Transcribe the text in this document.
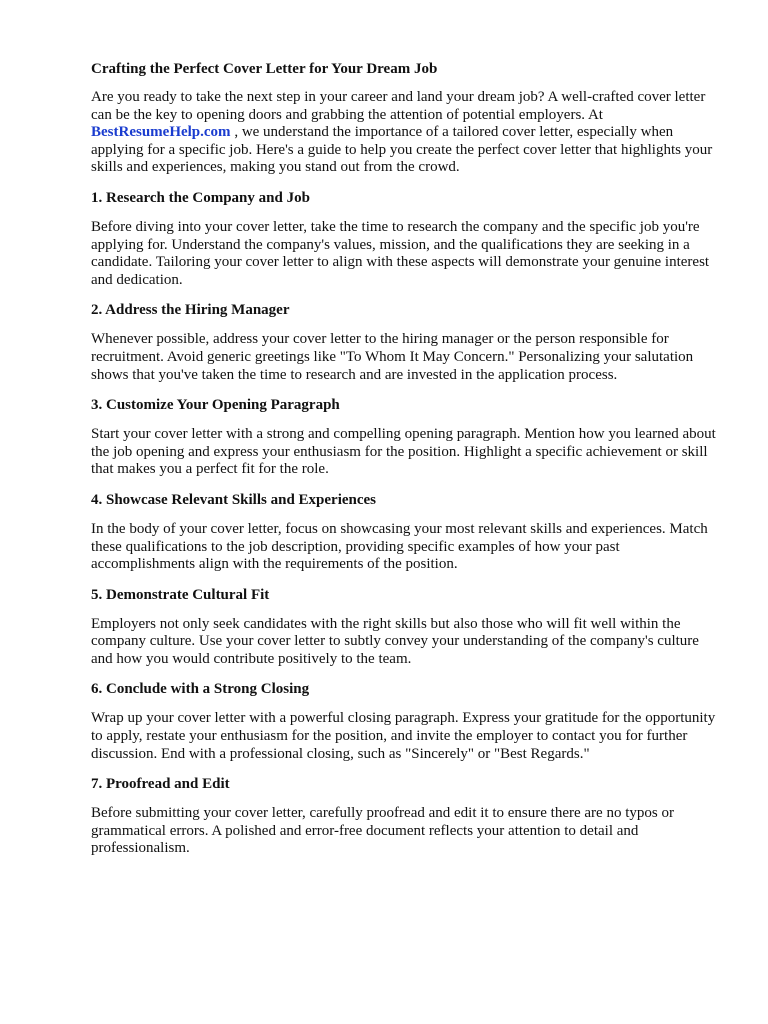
Crafting the Perfect Cover Letter for Your Dream Job

Are you ready to take the next step in your career and land your dream job? A well-crafted cover letter can be the key to opening doors and grabbing the attention of potential employers. At BestResumeHelp.com , we understand the importance of a tailored cover letter, especially when applying for a specific job. Here's a guide to help you create the perfect cover letter that highlights your skills and experiences, making you stand out from the crowd.

1. Research the Company and Job

Before diving into your cover letter, take the time to research the company and the specific job you're applying for. Understand the company's values, mission, and the qualifications they are seeking in a candidate. Tailoring your cover letter to align with these aspects will demonstrate your genuine interest and dedication.

2. Address the Hiring Manager

Whenever possible, address your cover letter to the hiring manager or the person responsible for recruitment. Avoid generic greetings like "To Whom It May Concern." Personalizing your salutation shows that you've taken the time to research and are invested in the application process.

3. Customize Your Opening Paragraph

Start your cover letter with a strong and compelling opening paragraph. Mention how you learned about the job opening and express your enthusiasm for the position. Highlight a specific achievement or skill that makes you a perfect fit for the role.

4. Showcase Relevant Skills and Experiences

In the body of your cover letter, focus on showcasing your most relevant skills and experiences. Match these qualifications to the job description, providing specific examples of how your past accomplishments align with the requirements of the position.

5. Demonstrate Cultural Fit

Employers not only seek candidates with the right skills but also those who will fit well within the company culture. Use your cover letter to subtly convey your understanding of the company's culture and how you would contribute positively to the team.

6. Conclude with a Strong Closing

Wrap up your cover letter with a powerful closing paragraph. Express your gratitude for the opportunity to apply, restate your enthusiasm for the position, and invite the employer to contact you for further discussion. End with a professional closing, such as "Sincerely" or "Best Regards."

7. Proofread and Edit

Before submitting your cover letter, carefully proofread and edit it to ensure there are no typos or grammatical errors. A polished and error-free document reflects your attention to detail and professionalism.
